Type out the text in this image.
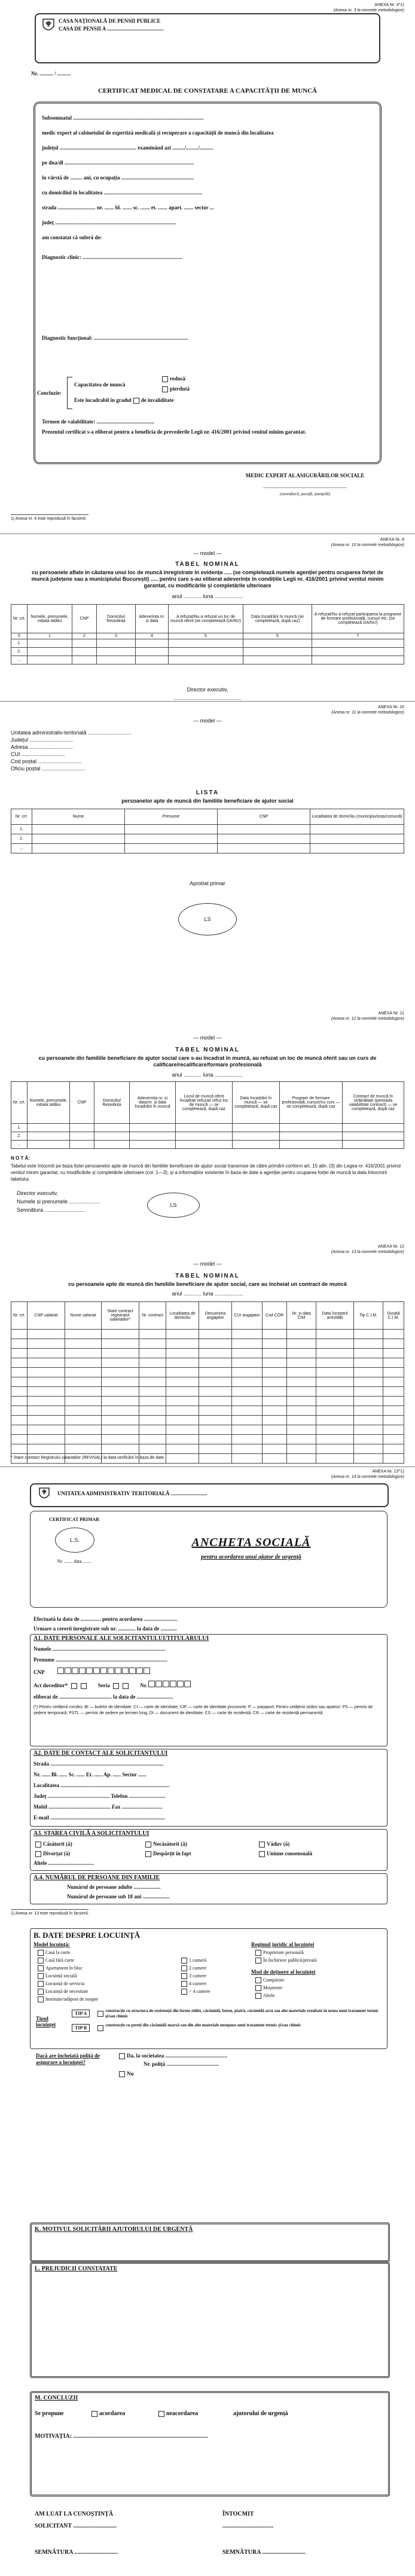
ANEXA Nr. 4^1)
(Anexa nr. 3 la normele metodologice)
CASA NAȚIONALĂ DE PENSII PUBLICE
CASA DE PENSII A ..........................................
Nr. .......... / ..........
CERTIFICAT MEDICAL DE CONSTATARE A CAPACITĂȚII DE MUNCĂ
Subsemnatul .................................................................................................
medic expert al cabinetului de expertiză medicală și recuperare a capacității de muncă din localitatea
județul ......................................................... examinând azi ........./........./..........
pe dna/dl ................................................................................................
în vârstă de ......... ani, cu ocupația ......................................................
cu domiciliul în localitatea .........................................................................
strada ............................ nr. ....... bl. ....... sc. ....... et. ....... apart. ....... sector ...
județ ..........................................................................................
am constatat că suferă de:
Diagnostic clinic: ..........................................................................
Diagnostic funcțional: ......................................................................
Concluzie:
Capacitatea de muncă
redusă
pierdută
Este încadrabil în gradul de invaliditate
Termen de valabilitate: ...........................................
Prezentul certificat s-a eliberat pentru a beneficia de prevederile Legii nr. 416/2001 privind venitul minim garantat.
MEDIC EXPERT AL ASIGURĂRILOR SOCIALE
..............................................................
(semnătură, parafă, ștampilă)
1) Anexa nr. 4 este reprodusă în facsimil.
ANEXA Nr. 8
(Anexa nr. 10 la normele metodologice)
— model —
TABEL NOMINAL
cu persoanele aflate în căutarea unui loc de muncă înregistrate în evidența ..... (se completează numele agenției pentru ocuparea forței de muncă județene sau a municipiului București) ..... pentru care s-au eliberat adeverințe în condițiile Legii nr. 416/2001 privind venitul minim garantat, cu modificările și completările ulterioare
anul ............ luna ...................
Nr. crt.	Numele, prenumele, inițiala tatălui	CNP	Domiciliul Reședința	Adeverința nr. și data	A refuzat/Nu a refuzat un loc de muncă oferit (se completează DA/NU)	Data încadrării în muncă (se completează, după caz)	A refuzat/Nu a refuzat participarea la programe de formare profesională, cursuri etc. (se completează DA/NU)
0	1	2	3	4	5	6	7
1.							
2.							
...							
Director executiv,
.............................................
ANEXA Nr. 10
(Anexa nr. 11 la normele metodologice)
— model —
Unitatea administrativ-teritorială .............................
Județul .............................
Adresa .............................
CUI .............................
Cod poștal .............................
Oficiu poștal .............................
LISTA
persoanelor apte de muncă din familiile beneficiare de ajutor social
Nr. crt.	Nume	Prenume	CNP	Localitatea de domiciliu (municipiu/oraș/comună)
1.				
2.				
...				
Aprobat primar
LS
ANEXA Nr. 11
(Anexa nr. 12 la normele metodologice)
— model —
TABEL NOMINAL
cu persoanele din familiile beneficiare de ajutor social care s-au încadrat în muncă, au refuzat un loc de muncă oferit sau un curs de calificare/recalificare/formare profesională
anul ............ luna ...................
Nr. crt.	Numele, prenumele, inițiala tatălui	CNP	Domiciliul Reședința	Adeverința nr. și data/nr. și data încadrării în muncă	Locul de muncă oferit încadrat/ refuzat/ refuz loc de muncă — se completează, după caz	Data încadrării în muncă — se completează, după caz	Program de formare profesională, cursuri/nu curs — se completează, după caz	Contract de muncă în străinătate (perioada valabilitate contract) — se completează, după caz
1.								
2.								
...								
N O T Ă:
Tabelul este întocmit pe baza listei persoanelor apte de muncă din familiile beneficiare de ajutor social transmise de către primării conform art. 15 alin. (3) din Legea nr. 416/2001 privind venitul minim garantat, cu modificările și completările ulterioare (col. 1—3), și a informațiilor existente în baza de date a agenției pentru ocuparea forței de muncă la data întocmirii tabelului.
Director executiv,
Numele și prenumele .....................
Semnătura ...........................
LS
ANEXA Nr. 12
(Anexa nr. 13 la normele metodologice)
— model —
TABEL NOMINAL
cu persoanele apte de muncă din familiile beneficiare de ajutor social, care au încheiat un contract de muncă
anul ............ luna ...................
Nr. crt.	CNP salariat	Nume salariat	Stare contract registratul salariaților*	Nr. contract	Localitatea de domiciliu	Denumirea angajator	CUI angajator	Cod COR	Nr. și data CIM	Data începerii activității	Tip C.I.M.	Durată C.I.M.

* Stare contract Registrului salariaților (REVISAL) la data verificării în baza de date.
ANEXA Nr. 13^1)
(Anexa nr. 14 la normele metodologice)
UNITATEA ADMINISTRATIV TERITORIALĂ ...........................
CERTIFICAT PRIMAR
L.S.
Nr. ....... data .......
ANCHETA SOCIALĂ
pentru acordarea unui ajutor de urgență
Efectuată la data de ............... pentru acordarea .........................
Urmare a cererii înregistrate sub nr. ............. la data de ............
A1. DATE PERSONALE ALE SOLICITANTULUI/TITULARULUI
Numele ....................................................................................
Prenume ...................................................................................
CNP
Act doveditor*	Seria	Nr.
eliberat de ....................................... la data de ...........................
(*) Pentru cetățenii români: BI — buletin de identitate; CI — carte de identitate; CIP — carte de identitate provizorie; P — pașaport; Pentru cetățenii străini sau apatrizi: PS — permis de ședere temporară; PSTL — permis de ședere pe termen lung; DI — document de identitate; CS — carte de rezidență; CR — carte de rezidență permanentă
A2. DATE DE CONTACT ALE SOLICITANTULUI
Strada ....................................................................................
Nr. ...... Bl. ...... Sc. ...... Et. ...... Ap. ...... Sector ......
Localitatea .................................................................................
Județ .............................................. Telefon ...........................
Mobil .............................................. Fax ..............................
E-mail .....................................................................................
A3. STAREA CIVILĂ A SOLICITANTULUI
Căsătorit (ă)	Necăsătorit (ă)	Văduv (ă)
Divorțat (ă)	Despărțit în fapt	Uniune consensuală
Altele ..................................
A.4. NUMĂRUL DE PERSOANE DIN FAMILIE
Numărul de persoane adulte ....................
Numărul de persoane sub 18 ani ....................
1) Anexa nr. 13 este reprodusă în facsimil.
B. DATE DESPRE LOCUINȚĂ
Model locuință:
Casă la curte
Casă fără curte
Apartament în bloc
Locuință socială
Locuință de serviciu
Locuință de necesitate
Instituție/adăpost de noapte
1 cameră
2 camere
3 camere
4 camere
> 4 camere
Regimul juridic al locuinței
Proprietate personală
În închiriere publică/privată
Mod de deținere al locuinței
Cumpărare
Moștenire
Altele
Tipul locuinței
TIP A	construcție cu structura de rezistență din forme zidite, cărămidă, beton, piatră, cărămidă arsă sau alte materiale rezultate în urma unui tratament termic și/sau chimic
TIP B	construcție cu pereți din cărămidă nearsă sau din alte materiale nesupuse unui tratament termic și/sau chimic
Dacă are încheiată poliță de asigurare a locuinței?
Da, la societatea ..............................................
Nr. poliță .......................................
Nu
K. MOTIVUL SOLICITĂRII AJUTORULUI DE URGENȚĂ
L. PREJUDICII CONSTATATE
M. CONCLUZII
Se propune	acordarea	neacordarea	ajutorului de urgență
MOTIVAȚIA: ..........................................................................................
AM LUAT LA CUNOȘTINȚĂ
SOLICITANT .............................
SEMNĂTURA .............................
ÎNTOCMIT
..................................
SEMNĂTURA .............................
